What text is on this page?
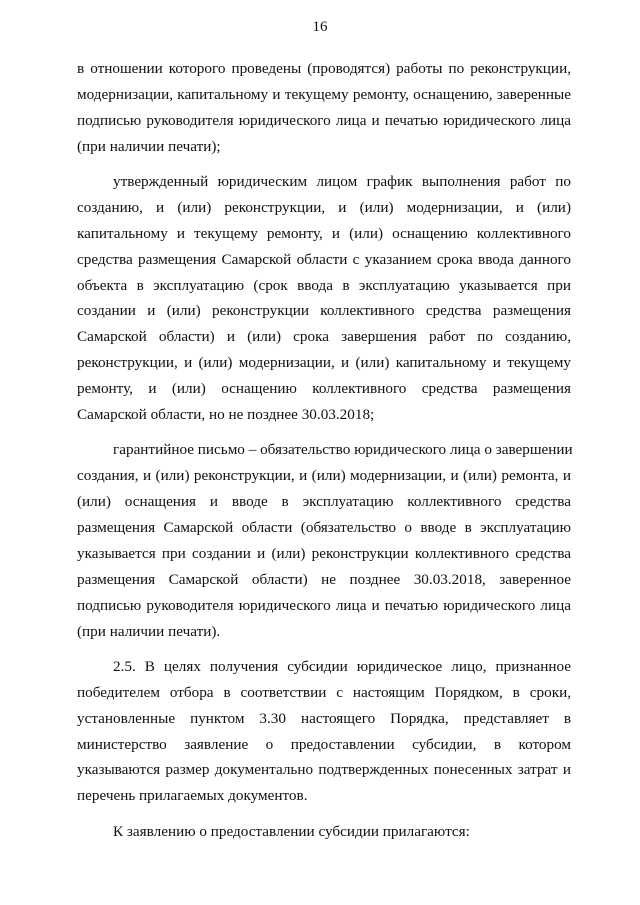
16
в отношении которого проведены (проводятся) работы по реконструкции,
модернизации, капитальному и текущему ремонту, оснащению, заверенные
подписью руководителя юридического лица и печатью юридического лица
(при наличии печати);
утвержденный юридическим лицом график выполнения работ по
созданию, и (или) реконструкции, и (или) модернизации, и (или)
капитальному и текущему ремонту, и (или) оснащению коллективного
средства размещения Самарской области с указанием срока ввода данного
объекта в эксплуатацию (срок ввода в эксплуатацию указывается при
создании и (или) реконструкции коллективного средства размещения
Самарской области) и (или) срока завершения работ по созданию,
реконструкции, и (или) модернизации, и (или) капитальному и текущему
ремонту, и (или) оснащению коллективного средства размещения
Самарской области, но не позднее 30.03.2018;
гарантийное письмо – обязательство юридического лица о завершении
создания, и (или) реконструкции, и (или) модернизации, и (или) ремонта, и
(или) оснащения и вводе в эксплуатацию коллективного средства
размещения Самарской области (обязательство о вводе в эксплуатацию
указывается при создании и (или) реконструкции коллективного средства
размещения Самарской области) не позднее 30.03.2018, заверенное
подписью руководителя юридического лица и печатью юридического лица
(при наличии печати).
2.5. В целях получения субсидии юридическое лицо, признанное
победителем отбора в соответствии с настоящим Порядком, в сроки,
установленные пунктом 3.30 настоящего Порядка, представляет в
министерство заявление о предоставлении субсидии, в котором
указываются размер документально подтвержденных понесенных затрат и
перечень прилагаемых документов.
К заявлению о предоставлении субсидии прилагаются:
